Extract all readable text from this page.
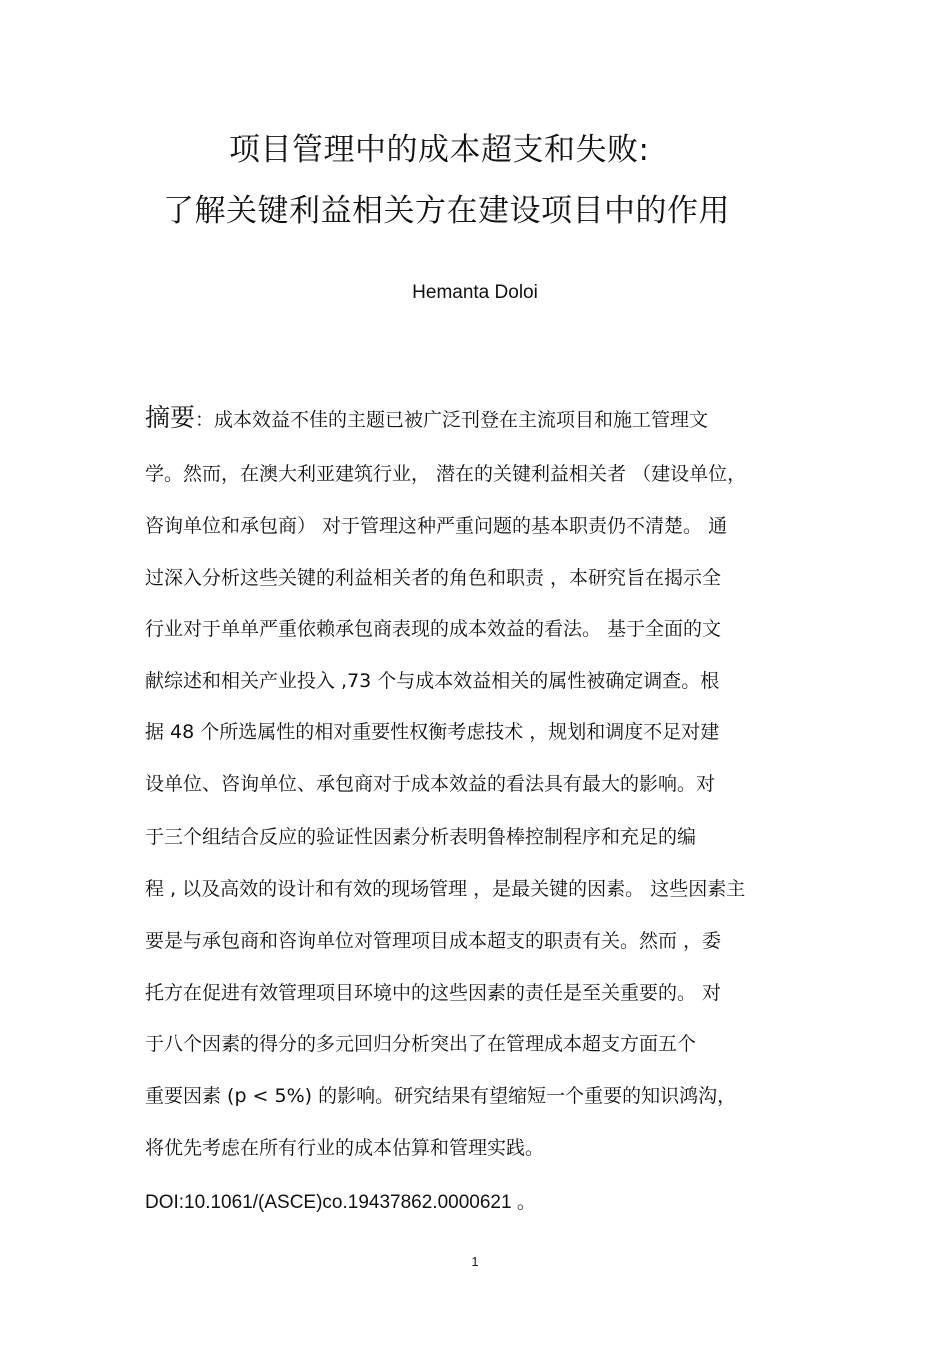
项目管理中的成本超支和失败:
了解关键利益相关方在建设项目中的作用
Hemanta Doloi
摘要：成本效益不佳的主题已被广泛刊登在主流项目和施工管理文
学。然而，在澳大利亚建筑行业， 潜在的关键利益相关者 （建设单位，
咨询单位和承包商） 对于管理这种严重问题的基本职责仍不清楚。 通
过深入分析这些关键的利益相关者的角色和职责 ，本研究旨在揭示全
行业对于单单严重依赖承包商表现的成本效益的看法。 基于全面的文
献综述和相关产业投入 ,73 个与成本效益相关的属性被确定调查。根
据 48 个所选属性的相对重要性权衡考虑技术 ，规划和调度不足对建
设单位、咨询单位、承包商对于成本效益的看法具有最大的影响。对
于三个组结合反应的验证性因素分析表明鲁棒控制程序和充足的编
程 , 以及高效的设计和有效的现场管理 ，是最关键的因素。 这些因素主
要是与承包商和咨询单位对管理项目成本超支的职责有关。然而 ，委
托方在促进有效管理项目环境中的这些因素的责任是至关重要的。 对
于八个因素的得分的多元回归分析突出了在管理成本超支方面五个
重要因素 (p < 5%) 的影响。研究结果有望缩短一个重要的知识鸿沟，
将优先考虑在所有行业的成本估算和管理实践。
DOI:10.1061/(ASCE)co.19437862.0000621 。
1
